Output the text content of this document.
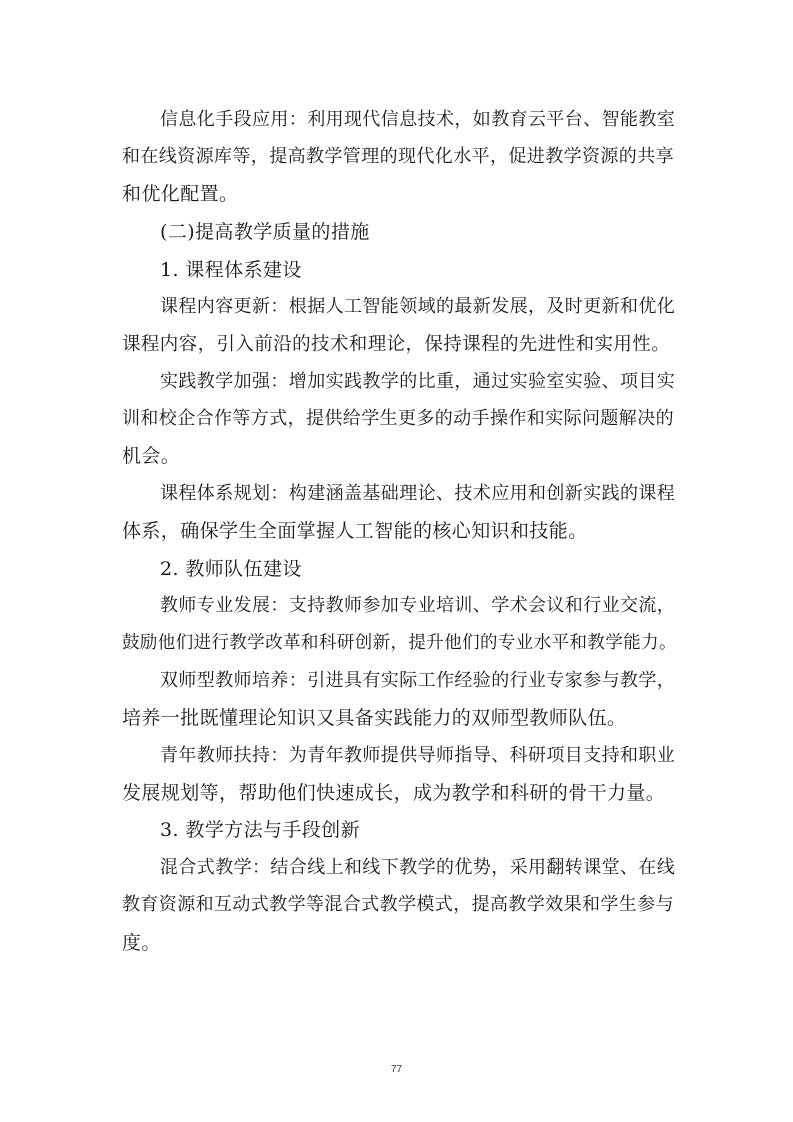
信息化手段应用：利用现代信息技术，如教育云平台、智能教室
和在线资源库等，提高教学管理的现代化水平，促进教学资源的共享
和优化配置。
(二)提高教学质量的措施
1. 课程体系建设
课程内容更新：根据人工智能领域的最新发展，及时更新和优化
课程内容，引入前沿的技术和理论，保持课程的先进性和实用性。
实践教学加强：增加实践教学的比重，通过实验室实验、项目实
训和校企合作等方式，提供给学生更多的动手操作和实际问题解决的
机会。
课程体系规划：构建涵盖基础理论、技术应用和创新实践的课程
体系，确保学生全面掌握人工智能的核心知识和技能。
2. 教师队伍建设
教师专业发展：支持教师参加专业培训、学术会议和行业交流，
鼓励他们进行教学改革和科研创新，提升他们的专业水平和教学能力。
双师型教师培养：引进具有实际工作经验的行业专家参与教学，
培养一批既懂理论知识又具备实践能力的双师型教师队伍。
青年教师扶持：为青年教师提供导师指导、科研项目支持和职业
发展规划等，帮助他们快速成长，成为教学和科研的骨干力量。
3. 教学方法与手段创新
混合式教学：结合线上和线下教学的优势，采用翻转课堂、在线
教育资源和互动式教学等混合式教学模式，提高教学效果和学生参与
度。
77
